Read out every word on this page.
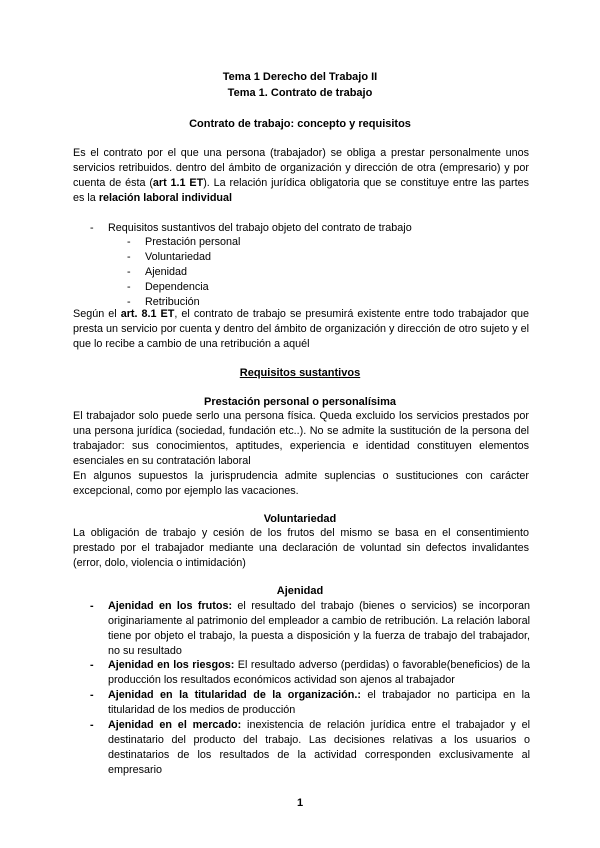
Tema 1 Derecho del Trabajo II
Tema 1. Contrato de trabajo
Contrato de trabajo: concepto y requisitos
Es el contrato por el que una persona (trabajador) se obliga a prestar personalmente unos servicios retribuidos. dentro del ámbito de organización y dirección de otra (empresario) y por cuenta de ésta (art 1.1 ET). La relación jurídica obligatoria que se constituye entre las partes es la relación laboral individual
- Requisitos sustantivos del trabajo objeto del contrato de trabajo
- Prestación personal
- Voluntariedad
- Ajenidad
- Dependencia
- Retribución
Según el art. 8.1 ET, el contrato de trabajo se presumirá existente entre todo trabajador que presta un servicio por cuenta y dentro del ámbito de organización y dirección de otro sujeto y el que lo recibe a cambio de una retribución a aquél
Requisitos sustantivos
Prestación personal o personalísima
El trabajador solo puede serlo una persona física. Queda excluido los servicios prestados por una persona jurídica (sociedad, fundación etc..). No se admite la sustitución de la persona del trabajador: sus conocimientos, aptitudes, experiencia e identidad constituyen elementos esenciales en su contratación laboral
En algunos supuestos la jurisprudencia admite suplencias o sustituciones con carácter excepcional, como por ejemplo las vacaciones.
Voluntariedad
La obligación de trabajo y cesión de los frutos del mismo se basa en el consentimiento prestado por el trabajador mediante una declaración de voluntad sin defectos invalidantes (error, dolo, violencia o intimidación)
Ajenidad
- Ajenidad en los frutos: el resultado del trabajo (bienes o servicios) se incorporan originariamente al patrimonio del empleador a cambio de retribución. La relación laboral tiene por objeto el trabajo, la puesta a disposición y la fuerza de trabajo del trabajador, no su resultado
- Ajenidad en los riesgos: El resultado adverso (perdidas) o favorable(beneficios) de la producción los resultados económicos actividad son ajenos al trabajador
- Ajenidad en la titularidad de la organización.: el trabajador no participa en la titularidad de los medios de producción
- Ajenidad en el mercado: inexistencia de relación jurídica entre el trabajador y el destinatario del producto del trabajo. Las decisiones relativas a los usuarios o destinatarios de los resultados de la actividad corresponden exclusivamente al empresario
1
